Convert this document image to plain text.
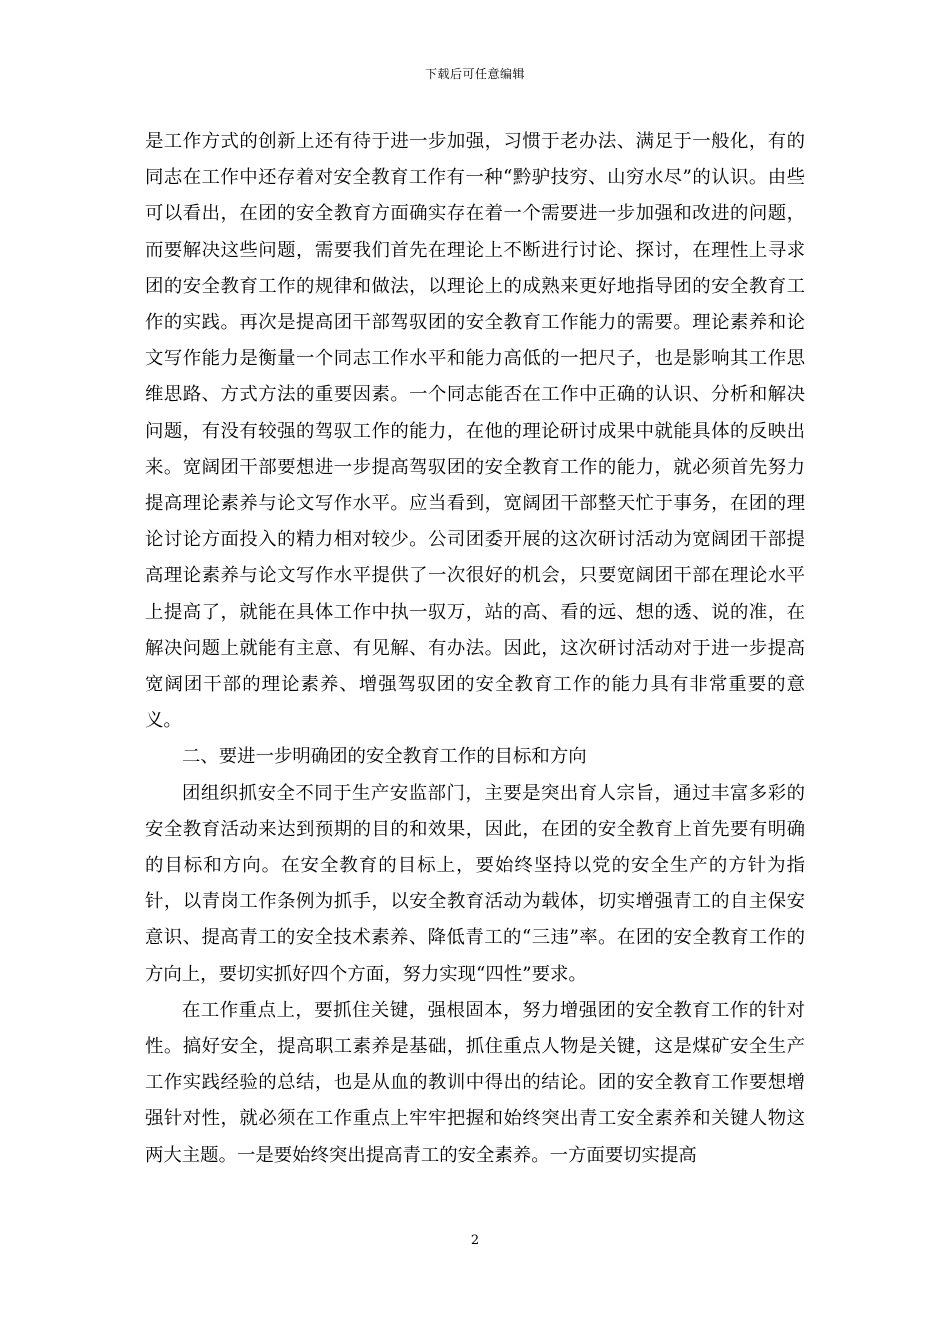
下载后可任意编辑

是工作方式的创新上还有待于进一步加强，习惯于老办法、满足于一般化，有的同志在工作中还存着对安全教育工作有一种“黔驴技穷、山穷水尽”的认识。由些可以看出，在团的安全教育方面确实存在着一个需要进一步加强和改进的问题，而要解决这些问题，需要我们首先在理论上不断进行讨论、探讨，在理性上寻求团的安全教育工作的规律和做法，以理论上的成熟来更好地指导团的安全教育工作的实践。再次是提高团干部驾驭团的安全教育工作能力的需要。理论素养和论文写作能力是衡量一个同志工作水平和能力高低的一把尺子，也是影响其工作思维思路、方式方法的重要因素。一个同志能否在工作中正确的认识、分析和解决问题，有没有较强的驾驭工作的能力，在他的理论研讨成果中就能具体的反映出来。宽阔团干部要想进一步提高驾驭团的安全教育工作的能力，就必须首先努力提高理论素养与论文写作水平。应当看到，宽阔团干部整天忙于事务，在团的理论讨论方面投入的精力相对较少。公司团委开展的这次研讨活动为宽阔团干部提高理论素养与论文写作水平提供了一次很好的机会，只要宽阔团干部在理论水平上提高了，就能在具体工作中执一驭万，站的高、看的远、想的透、说的准，在解决问题上就能有主意、有见解、有办法。因此，这次研讨活动对于进一步提高宽阔团干部的理论素养、增强驾驭团的安全教育工作的能力具有非常重要的意义。

二、要进一步明确团的安全教育工作的目标和方向

团组织抓安全不同于生产安监部门，主要是突出育人宗旨，通过丰富多彩的安全教育活动来达到预期的目的和效果，因此，在团的安全教育上首先要有明确的目标和方向。在安全教育的目标上，要始终坚持以党的安全生产的方针为指针，以青岗工作条例为抓手，以安全教育活动为载体，切实增强青工的自主保安意识、提高青工的安全技术素养、降低青工的“三违”率。在团的安全教育工作的方向上，要切实抓好四个方面，努力实现“四性”要求。

在工作重点上，要抓住关键，强根固本，努力增强团的安全教育工作的针对性。搞好安全，提高职工素养是基础，抓住重点人物是关键，这是煤矿安全生产工作实践经验的总结，也是从血的教训中得出的结论。团的安全教育工作要想增强针对性，就必须在工作重点上牢牢把握和始终突出青工安全素养和关键人物这两大主题。一是要始终突出提高青工的安全素养。一方面要切实提高

2
